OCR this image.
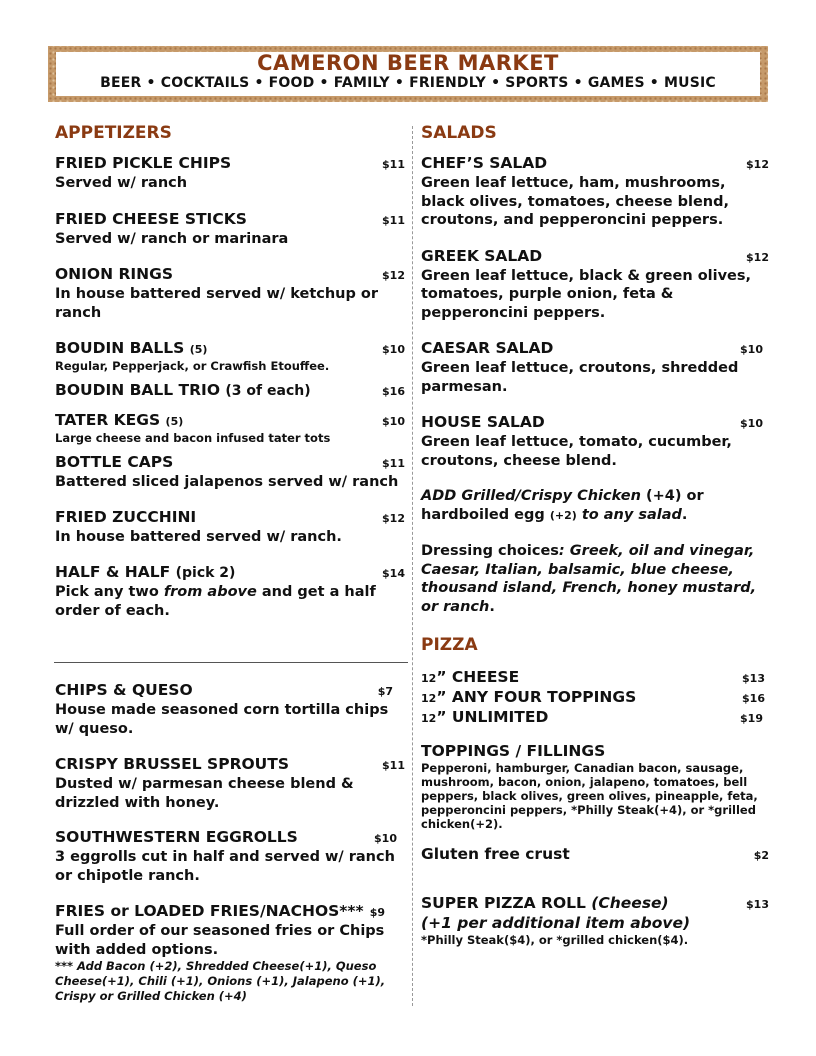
CAMERON BEER MARKET
BEER • COCKTAILS • FOOD • FAMILY • FRIENDLY • SPORTS • GAMES • MUSIC
APPETIZERS
FRIED PICKLE CHIPS	$11
Served w/ ranch
FRIED CHEESE STICKS	$11
Served w/ ranch or marinara
ONION RINGS	$12
In house battered served w/ ketchup or ranch
BOUDIN BALLS (5)	$10
Regular, Pepperjack, or Crawfish Etouffee.
BOUDIN BALL TRIO (3 of each)	$16
TATER KEGS (5)	$10
Large cheese and bacon infused tater tots
BOTTLE CAPS	$11
Battered sliced jalapenos served w/ ranch
FRIED ZUCCHINI	$12
In house battered served w/ ranch.
HALF & HALF (pick 2)	$14
Pick any two from above and get a half order of each.
CHIPS & QUESO	$7
House made seasoned corn tortilla chips w/ queso.
CRISPY BRUSSEL SPROUTS	$11
Dusted w/ parmesan cheese blend & drizzled with honey.
SOUTHWESTERN EGGROLLS	$10
3 eggrolls cut in half and served w/ ranch or chipotle ranch.
FRIES or LOADED FRIES/NACHOS*** $9
Full order of our seasoned fries or Chips with added options.
*** Add Bacon (+2), Shredded Cheese(+1), Queso Cheese(+1), Chili (+1), Onions (+1), Jalapeno (+1), Crispy or Grilled Chicken (+4)
SALADS
CHEF’S SALAD	$12
Green leaf lettuce, ham, mushrooms, black olives, tomatoes, cheese blend, croutons, and pepperoncini peppers.
GREEK SALAD	$12
Green leaf lettuce, black & green olives, tomatoes, purple onion, feta & pepperoncini peppers.
CAESAR SALAD	$10
Green leaf lettuce, croutons, shredded parmesan.
HOUSE SALAD	$10
Green leaf lettuce, tomato, cucumber, croutons, cheese blend.
ADD Grilled/Crispy Chicken (+4) or hardboiled egg (+2) to any salad.
Dressing choices: Greek, oil and vinegar, Caesar, Italian, balsamic, blue cheese, thousand island, French, honey mustard, or ranch.
PIZZA
12” CHEESE	$13
12” ANY FOUR TOPPINGS	$16
12” UNLIMITED	$19
TOPPINGS / FILLINGS
Pepperoni, hamburger, Canadian bacon, sausage, mushroom, bacon, onion, jalapeno, tomatoes, bell peppers, black olives, green olives, pineapple, feta, pepperoncini peppers, *Philly Steak(+4), or *grilled chicken(+2).
Gluten free crust	$2
SUPER PIZZA ROLL (Cheese)	$13
(+1 per additional item above)
*Philly Steak($4), or *grilled chicken($4).
